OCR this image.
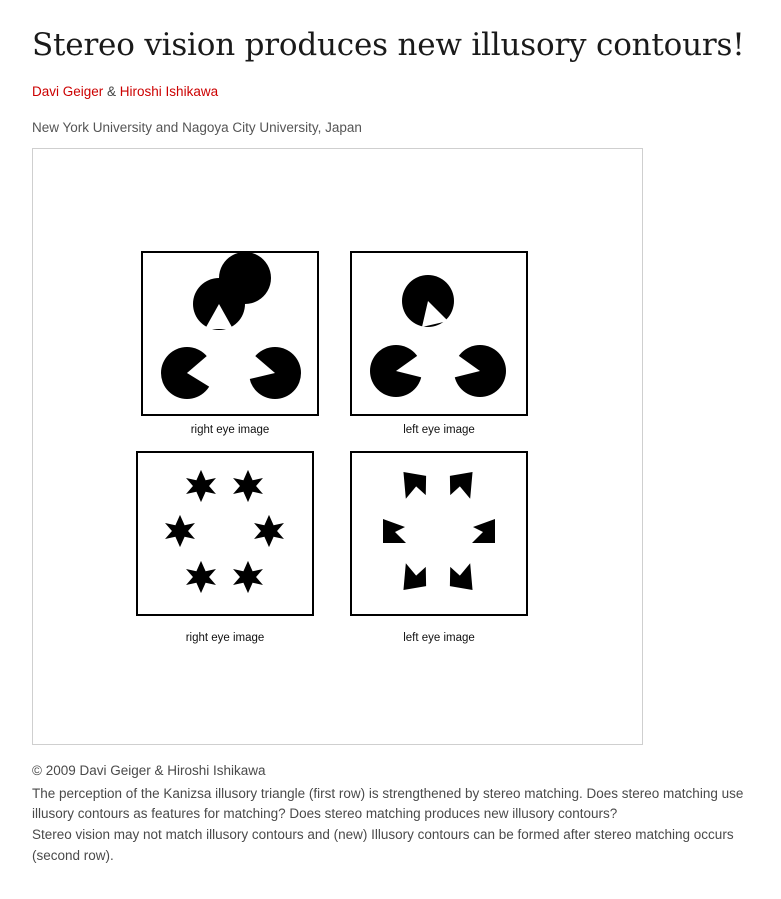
Stereo vision produces new illusory contours!
Davi Geiger & Hiroshi Ishikawa
New York University and Nagoya City University, Japan
right eye image	left eye image
right eye image	left eye image

© 2009 Davi Geiger & Hiroshi Ishikawa

The perception of the Kanizsa illusory triangle (first row) is strengthened by stereo matching. Does stereo matching use illusory contours as features for matching? Does stereo matching produces new illusory contours?

Stereo vision may not match illusory contours and (new) Illusory contours can be formed after stereo matching occurs (second row).
